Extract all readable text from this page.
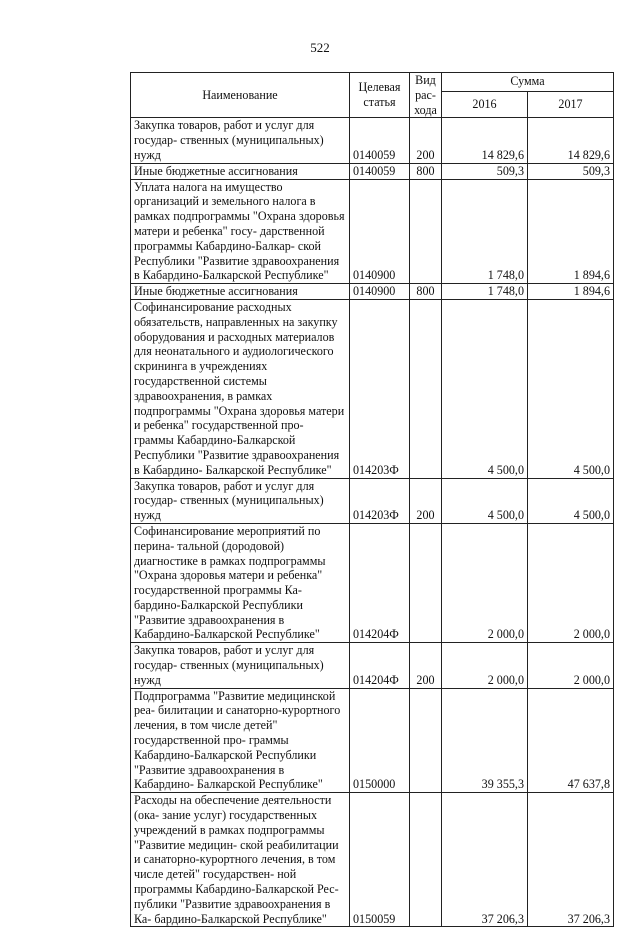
522
Наименование	Целевая статья	Вид рас- хода	Сумма	
			2016	2017
Закупка товаров, работ и услуг для государ- ственных (муниципальных) нужд	0140059	200	14 829,6	14 829,6
Иные бюджетные ассигнования	0140059	800	509,3	509,3
Уплата налога на имущество организаций и земельного налога в рамках подпрограммы "Охрана здоровья матери и ребенка" госу- дарственной программы Кабардино-Балкар- ской Республики "Развитие здравоохранения в Кабардино-Балкарской Республике"	0140900		1 748,0	1 894,6
Иные бюджетные ассигнования	0140900	800	1 748,0	1 894,6
Софинансирование расходных обязательств, направленных на закупку оборудования и расходных материалов для неонатального и аудиологического скрининга в учреждениях государственной системы здравоохранения, в рамках подпрограммы "Охрана здоровья матери и ребенка" государственной про- граммы Кабардино-Балкарской Республики "Развитие здравоохранения в Кабардино- Балкарской Республике"	014203Ф		4 500,0	4 500,0
Закупка товаров, работ и услуг для государ- ственных (муниципальных) нужд	014203Ф	200	4 500,0	4 500,0
Софинансирование мероприятий по перина- тальной (дородовой) диагностике в рамках подпрограммы "Охрана здоровья матери и ребенка" государственной программы Ка- бардино-Балкарской Республики "Развитие здравоохранения в Кабардино-Балкарской Республике"	014204Ф		2 000,0	2 000,0
Закупка товаров, работ и услуг для государ- ственных (муниципальных) нужд	014204Ф	200	2 000,0	2 000,0
Подпрограмма "Развитие медицинской реа- билитации и санаторно-курортного лечения, в том числе детей" государственной про- граммы Кабардино-Балкарской Республики "Развитие здравоохранения в Кабардино- Балкарской Республике"	0150000		39 355,3	47 637,8
Расходы на обеспечение деятельности (ока- зание услуг) государственных учреждений в рамках подпрограммы "Развитие медицин- ской реабилитации и санаторно-курортного лечения, в том числе детей" государствен- ной программы Кабардино-Балкарской Рес- публики "Развитие здравоохранения в Ка- бардино-Балкарской Республике"	0150059		37 206,3	37 206,3
